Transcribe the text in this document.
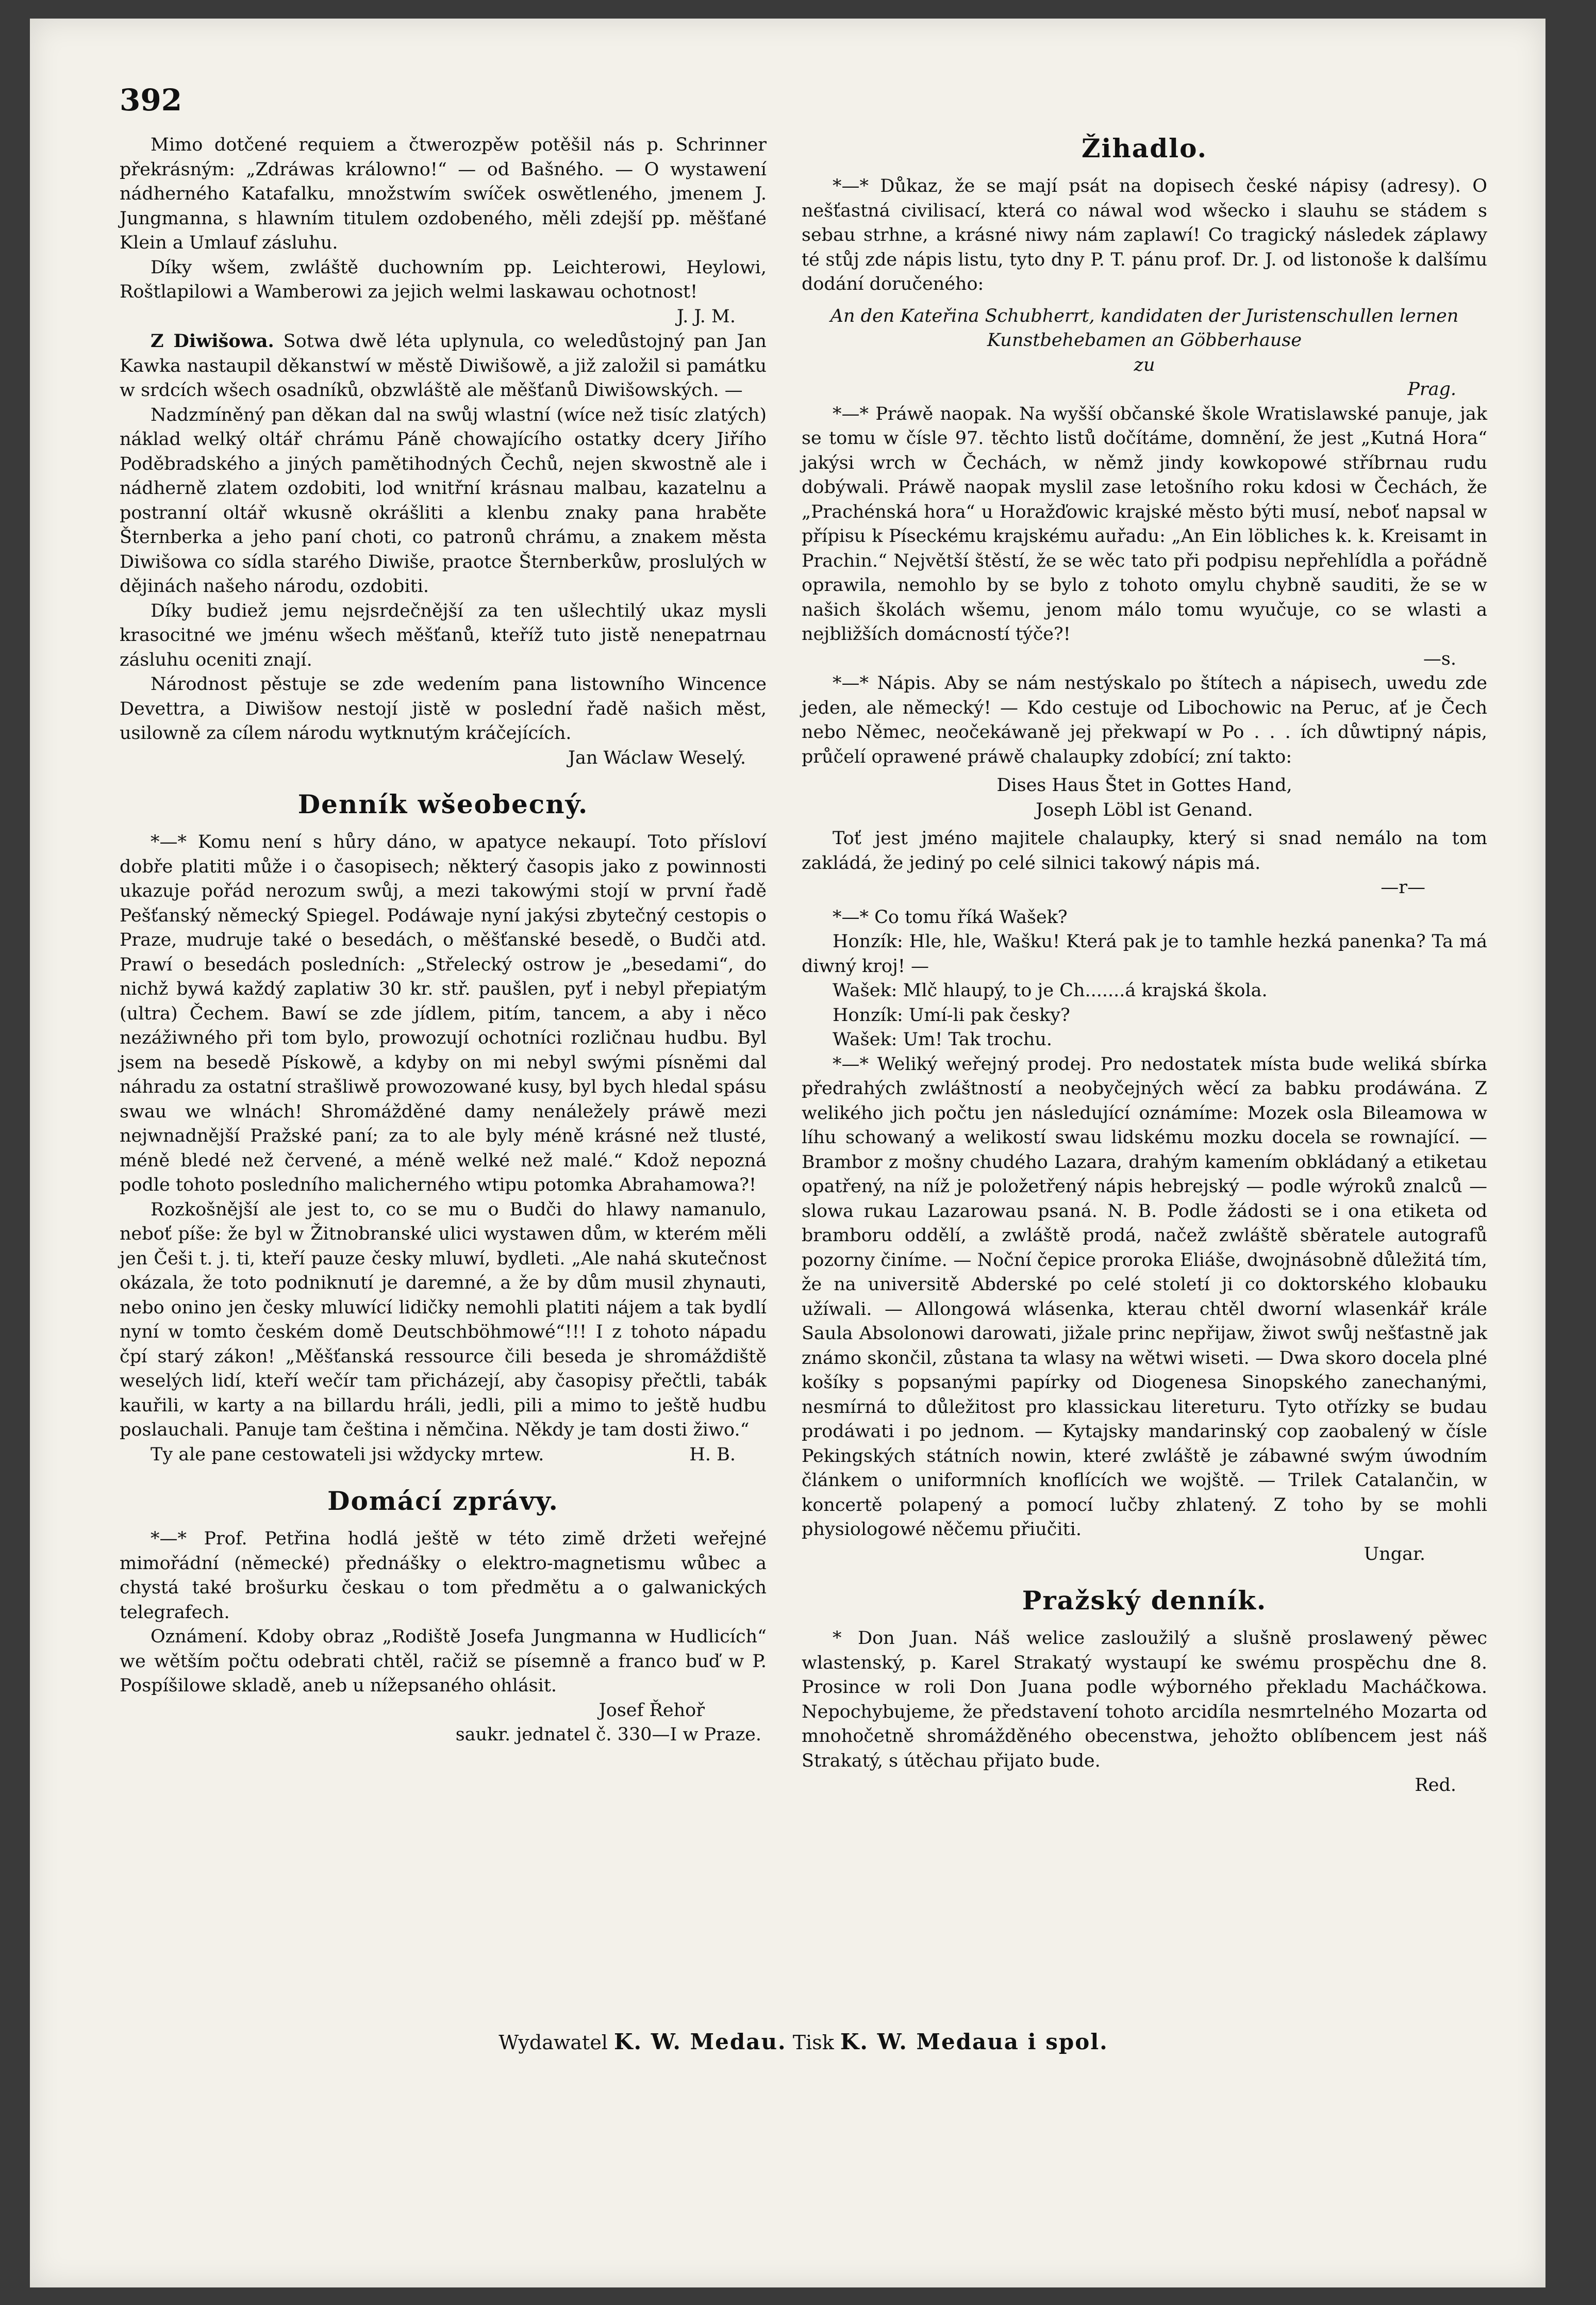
392

Mimo dotčené requiem a čtwerozpěw potěšil nás p. Schrinner překrásným: „Zdráwas králowno!“ — od Bašného. — O wystawení nádherného Katafalku, množstwím swíček oswětleného, jmenem J. Jungmanna, s hlawním titulem ozdobeného, měli zdejší pp. měšťané Klein a Umlauf zásluhu.

Díky wšem, zwláště duchowním pp. Leichterowi, Heylowi, Roštlapilowi a Wamberowi za jejich welmi laskawau ochotnost!

J. J. M.

Z Diwišowa. Sotwa dwě léta uplynula, co weledůstojný pan Jan Kawka nastaupil děkanstwí w městě Diwišowě, a již založil si památku w srdcích wšech osadníků, obzwláště ale měšťanů Diwišowských. —

Nadzmíněný pan děkan dal na swůj wlastní (wíce než tisíc zlatých) náklad welký oltář chrámu Páně chowajícího ostatky dcery Jiřího Poděbradského a jiných pamětihodných Čechů, nejen skwostně ale i nádherně zlatem ozdobiti, lod wnitřní krásnau malbau, kazatelnu a postranní oltář wkusně okrášliti a klenbu znaky pana hraběte Šternberka a jeho paní choti, co patronů chrámu, a znakem města Diwišowa co sídla starého Diwiše, praotce Šternberkůw, proslulých w dějinách našeho národu, ozdobiti.

Díky budiež jemu nejsrdečnější za ten ušlechtilý ukaz mysli krasocitné we jménu wšech měšťanů, kteříž tuto jistě nenepatrnau zásluhu oceniti znají.

Národnost pěstuje se zde wedením pana listowního Wincence Devettra, a Diwišow nestojí jistě w poslední řadě našich měst, usilowně za cílem národu wytknutým kráčejících.

Jan Wáclaw Weselý.

Denník wšeobecný.

*—* Komu není s hůry dáno, w apatyce nekaupí. Toto přísloví dobře platiti může i o časopisech; některý časopis jako z powinnosti ukazuje pořád nerozum swůj, a mezi takowými stojí w první řadě Pešťanský německý Spiegel. Podáwaje nyní jakýsi zbytečný cestopis o Praze, mudruje také o besedách, o měšťanské besedě, o Budči atd. Prawí o besedách posledních: „Střelecký ostrow je „besedami“, do nichž bywá každý zaplatiw 30 kr. stř. paušlen, pyť i nebyl přepiatým (ultra) Čechem. Bawí se zde jídlem, pitím, tancem, a aby i něco nezážiwného při tom bylo, prowozují ochotníci rozličnau hudbu. Byl jsem na besedě Pískowě, a kdyby on mi nebyl swými písněmi dal náhradu za ostatní strašliwě prowozowané kusy, byl bych hledal spásu swau we wlnách! Shromážděné damy nenáležely práwě mezi nejwnadnější Pražské paní; za to ale byly méně krásné než tlusté, méně bledé než červené, a méně welké než malé.“ Kdož nepozná podle tohoto posledního malicherného wtipu potomka Abrahamowa?!

Rozkošnější ale jest to, co se mu o Budči do hlawy namanulo, neboť píše: že byl w Žitnobranské ulici wystawen dům, w kterém měli jen Češi t. j. ti, kteří pauze česky mluwí, bydleti. „Ale nahá skutečnost okázala, že toto podniknutí je daremné, a že by dům musil zhynauti, nebo onino jen česky mluwící lidičky nemohli platiti nájem a tak bydlí nyní w tomto českém domě Deutschböhmowé“!!! I z tohoto nápadu čpí starý zákon! „Měšťanská ressource čili beseda je shromáždiště weselých lidí, kteří wečír tam přicházejí, aby časopisy přečtli, tabák kauřili, w karty a na billardu hráli, jedli, pili a mimo to ještě hudbu poslauchali. Panuje tam čeština i němčina. Někdy je tam dosti žiwo.“

Ty ale pane cestowateli jsi wždycky mrtew.	H. B.

Domácí zprávy.

*—* Prof. Petřina hodlá ještě w této zimě držeti weřejné mimořádní (německé) přednášky o elektro-magnetismu wůbec a chystá také brošurku českau o tom předmětu a o galwanických telegrafech.

Oznámení. Kdoby obraz „Rodiště Josefa Jungmanna w Hudlicích“ we wětším počtu odebrati chtěl, račiž se písemně a franco buď w P. Pospíšilowe skladě, aneb u nížepsaného ohlásit.

Josef Řehoř

saukr. jednatel č. 330—I w Praze.

Žihadlo.

*—* Důkaz, že se mají psát na dopisech české nápisy (adresy). O nešťastná civilisací, která co náwal wod wšecko i slauhu se stádem s sebau strhne, a krásné niwy nám zaplawí! Co tragický následek záplawy té stůj zde nápis listu, tyto dny P. T. pánu prof. Dr. J. od listonoše k dalšímu dodání doručeného:

An den Kateřina Schubherrt, kandidaten der Juristenschullen lernen Kunstbehebamen an Göbberhause

zu

Prag.

*—* Práwě naopak. Na wyšší občanské škole Wratislawské panuje, jak se tomu w čísle 97. těchto listů dočítáme, domnění, že jest „Kutná Hora“ jakýsi wrch w Čechách, w němž jindy kowkopowé stříbrnau rudu dobýwali. Práwě naopak myslil zase letošního roku kdosi w Čechách, že „Prachénská hora“ u Horažďowic krajské město býti musí, neboť napsal w přípisu k Píseckému krajskému auřadu: „An Ein löbliches k. k. Kreisamt in Prachin.“ Největší štěstí, že se wěc tato při podpisu nepřehlídla a pořádně oprawila, nemohlo by se bylo z tohoto omylu chybně sauditi, že se w našich školách wšemu, jenom málo tomu wyučuje, co se wlasti a nejbližších domácností týče?!

—s.

*—* Nápis. Aby se nám nestýskalo po štítech a nápisech, uwedu zde jeden, ale německý! — Kdo cestuje od Libochowic na Peruc, ať je Čech nebo Němec, neočekáwaně jej překwapí w Po . . . ích důwtipný nápis, průčelí oprawené práwě chalaupky zdobící; zní takto:

Dises Haus Štet in Gottes Hand,

Joseph Löbl ist Genand.

Toť jest jméno majitele chalaupky, který si snad nemálo na tom zakládá, že jediný po celé silnici takowý nápis má.

—r—

*—* Co tomu říká Wašek?

Honzík: Hle, hle, Wašku! Která pak je to tamhle hezká panenka? Ta má diwný kroj! —

Wašek: Mlč hlaupý, to je Ch.......á krajská škola.

Honzík: Umí-li pak česky?

Wašek: Um! Tak trochu.

*—* Weliký weřejný prodej. Pro nedostatek místa bude weliká sbírka předrahých zwláštností a neobyčejných wěcí za babku prodáwána. Z welikého jich počtu jen následující oznámíme: Mozek osla Bileamowa w líhu schowaný a welikostí swau lidskému mozku docela se rownající. — Brambor z mošny chudého Lazara, drahým kamením obkládaný a etiketau opatřený, na níž je položetřený nápis hebrejský — podle wýroků znalců — slowa rukau Lazarowau psaná. N. B. Podle žádosti se i ona etiketa od bramboru oddělí, a zwláště prodá, načež zwláště sběratele autografů pozorny činíme. — Noční čepice proroka Eliáše, dwojnásobně důležitá tím, že na universitě Abderské po celé století ji co doktorského klobauku užíwali. — Allongowá wlásenka, kterau chtěl dworní wlasenkář krále Saula Absolonowi darowati, jižale princ nepřijaw, žiwot swůj nešťastně jak známo skončil, zůstana ta wlasy na wětwi wiseti. — Dwa skoro docela plné košíky s popsanými papírky od Diogenesa Sinopského zanechanými, nesmírná to důležitost pro klassickau litereturu. Tyto otřízky se budau prodáwati i po jednom. — Kytajsky mandarinský cop zaobalený w čísle Pekingských státních nowin, které zwláště je zábawné swým úwodním článkem o uniformních knoflících we wojště. — Trilek Catalančin, w koncertě polapený a pomocí lučby zhlatený. Z toho by se mohli physiologowé něčemu přiučiti.

Ungar.

Pražský denník.

* Don Juan. Náš welice zasloužilý a slušně proslawený pěwec wlastenský, p. Karel Strakatý wystaupí ke swému prospěchu dne 8. Prosince w roli Don Juana podle wýborného překladu Macháčkowa. Nepochybujeme, že představení tohoto arcidíla nesmrtelného Mozarta od mnohočetně shromážděného obecenstwa, jehožto oblíbencem jest náš Strakatý, s útěchau přijato bude.

Red.

Wydawatel K. W. Medau. Tisk K. W. Medaua i spol.
